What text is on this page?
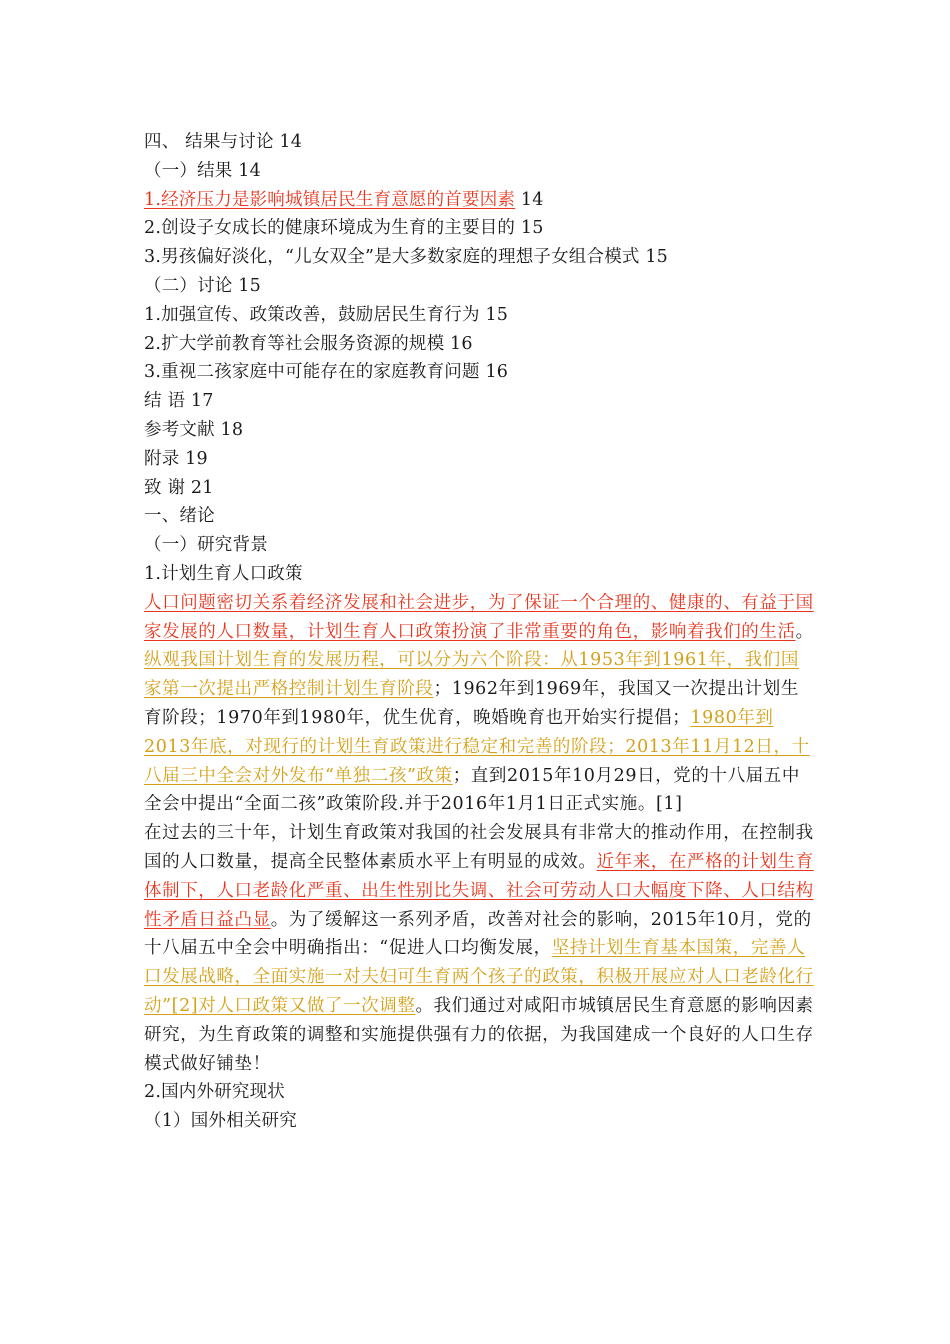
四、 结果与讨论 14
（一）结果 14
1.经济压力是影响城镇居民生育意愿的首要因素 14
2.创设子女成长的健康环境成为生育的主要目的 15
3.男孩偏好淡化，“儿女双全”是大多数家庭的理想子女组合模式 15
（二）讨论 15
1.加强宣传、政策改善，鼓励居民生育行为 15
2.扩大学前教育等社会服务资源的规模 16
3.重视二孩家庭中可能存在的家庭教育问题 16
结 语 17
参考文献 18
附录 19
致 谢 21
一、绪论
（一）研究背景
1.计划生育人口政策

人口问题密切关系着经济发展和社会进步，为了保证一个合理的、健康的、有益于国家发展的人口数量，计划生育人口政策扮演了非常重要的角色，影响着我们的生活。

纵观我国计划生育的发展历程，可以分为六个阶段：从1953年到1961年，我们国家第一次提出严格控制计划生育阶段；1962年到1969年，我国又一次提出计划生育阶段；1970年到1980年，优生优育，晚婚晚育也开始实行提倡；1980年到2013年底，对现行的计划生育政策进行稳定和完善的阶段；2013年11月12日，十八届三中全会对外发布“单独二孩”政策；直到2015年10月29日，党的十八届五中全会中提出“全面二孩”政策阶段.并于2016年1月1日正式实施。[1]

在过去的三十年，计划生育政策对我国的社会发展具有非常大的推动作用，在控制我国的人口数量，提高全民整体素质水平上有明显的成效。近年来，在严格的计划生育体制下，人口老龄化严重、出生性别比失调、社会可劳动人口大幅度下降、人口结构性矛盾日益凸显。为了缓解这一系列矛盾，改善对社会的影响，2015年10月，党的十八届五中全会中明确指出：“促进人口均衡发展，坚持计划生育基本国策，完善人口发展战略，全面实施一对夫妇可生育两个孩子的政策，积极开展应对人口老龄化行动”[2]对人口政策又做了一次调整。我们通过对咸阳市城镇居民生育意愿的影响因素研究，为生育政策的调整和实施提供强有力的依据，为我国建成一个良好的人口生存模式做好铺垫！

2.国内外研究现状
（1）国外相关研究
